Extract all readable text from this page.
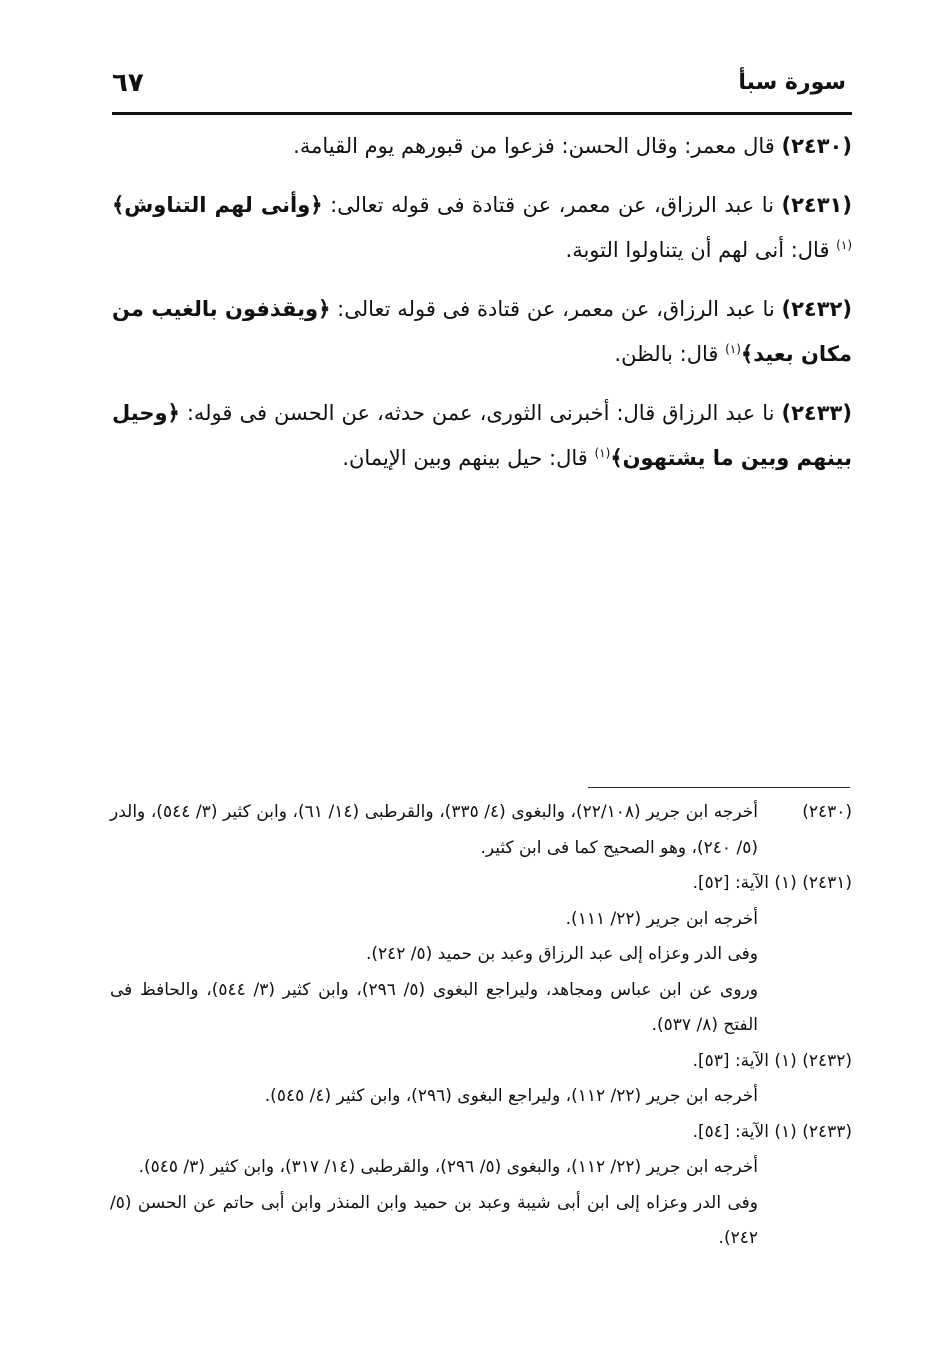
سورة سبأ
٦٧

(٢٤٣٠) قال معمر: وقال الحسن: فزعوا من قبورهم يوم القيامة.

(٢٤٣١) نا عبد الرزاق، عن معمر، عن قتادة فى قوله تعالى: ﴿وأنى لهم التناوش﴾$^{(١)}$ قال: أنى لهم أن يتناولوا التوبة.

(٢٤٣٢) نا عبد الرزاق، عن معمر، عن قتادة فى قوله تعالى: ﴿ويقذفون بالغيب من مكان بعيد﴾$^{(١)}$ قال: بالظن.

(٢٤٣٣) نا عبد الرزاق قال: أخبرنى الثورى، عمن حدثه، عن الحسن فى قوله: ﴿وحيل بينهم وبين ما يشتهون﴾$^{(١)}$ قال: حيل بينهم وبين الإيمان.

(٢٤٣٠)
أخرجه ابن جرير (٢٢/١٠٨)، والبغوى (٤/ ٣٣٥)، والقرطبى (١٤/ ٦١)، وابن كثير (٣/ ٥٤٤)، والدر (٥/ ٢٤٠)، وهو الصحيح كما فى ابن كثير.
(٢٤٣١) (١) الآية: [٥٢].
أخرجه ابن جرير (٢٢/ ١١١).
وفى الدر وعزاه إلى عبد الرزاق وعبد بن حميد (٥/ ٢٤٢).
وروى عن ابن عباس ومجاهد، وليراجع البغوى (٥/ ٢٩٦)، وابن كثير (٣/ ٥٤٤)، والحافظ فى الفتح (٨/ ٥٣٧).
(٢٤٣٢) (١) الآية: [٥٣].
أخرجه ابن جرير (٢٢/ ١١٢)، وليراجع البغوى (٢٩٦)، وابن كثير (٤/ ٥٤٥).
(٢٤٣٣) (١) الآية: [٥٤].
أخرجه ابن جرير (٢٢/ ١١٢)، والبغوى (٥/ ٢٩٦)، والقرطبى (١٤/ ٣١٧)، وابن كثير (٣/ ٥٤٥).
وفى الدر وعزاه إلى ابن أبى شيبة وعبد بن حميد وابن المنذر وابن أبى حاتم عن الحسن (٥/ ٢٤٢).
